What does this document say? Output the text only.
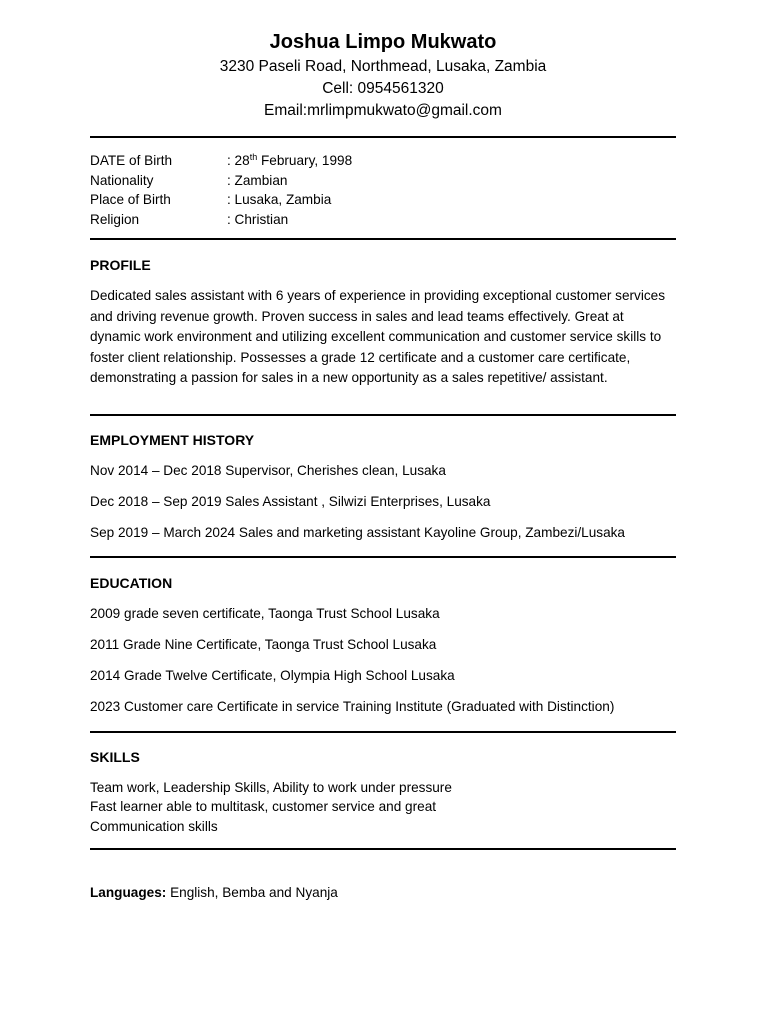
Joshua Limpo Mukwato
3230 Paseli Road, Northmead, Lusaka, Zambia
Cell: 0954561320
Email:mrlimpmukwato@gmail.com
DATE of Birth	: 28th February, 1998
Nationality	: Zambian
Place of Birth	: Lusaka, Zambia
Religion	: Christian
PROFILE
Dedicated sales assistant with 6 years of experience in providing exceptional customer services
and driving revenue growth. Proven success in sales and lead teams effectively. Great at
dynamic work environment and utilizing excellent communication and customer service skills to
foster client relationship. Possesses a grade 12 certificate and a customer care certificate,
demonstrating a passion for sales in a new opportunity as a sales repetitive/ assistant.
EMPLOYMENT HISTORY
Nov 2014 – Dec 2018 Supervisor, Cherishes clean, Lusaka
Dec 2018 – Sep 2019 Sales Assistant , Silwizi Enterprises, Lusaka
Sep 2019 – March 2024 Sales and marketing assistant Kayoline Group, Zambezi/Lusaka
EDUCATION
2009 grade seven certificate, Taonga Trust School Lusaka
2011 Grade Nine Certificate, Taonga Trust School Lusaka
2014 Grade Twelve Certificate, Olympia High School Lusaka
2023 Customer care Certificate in service Training Institute (Graduated with Distinction)
SKILLS
Team work, Leadership Skills, Ability to work under pressure
Fast learner able to multitask, customer service and great
Communication skills
Languages: English, Bemba and Nyanja
